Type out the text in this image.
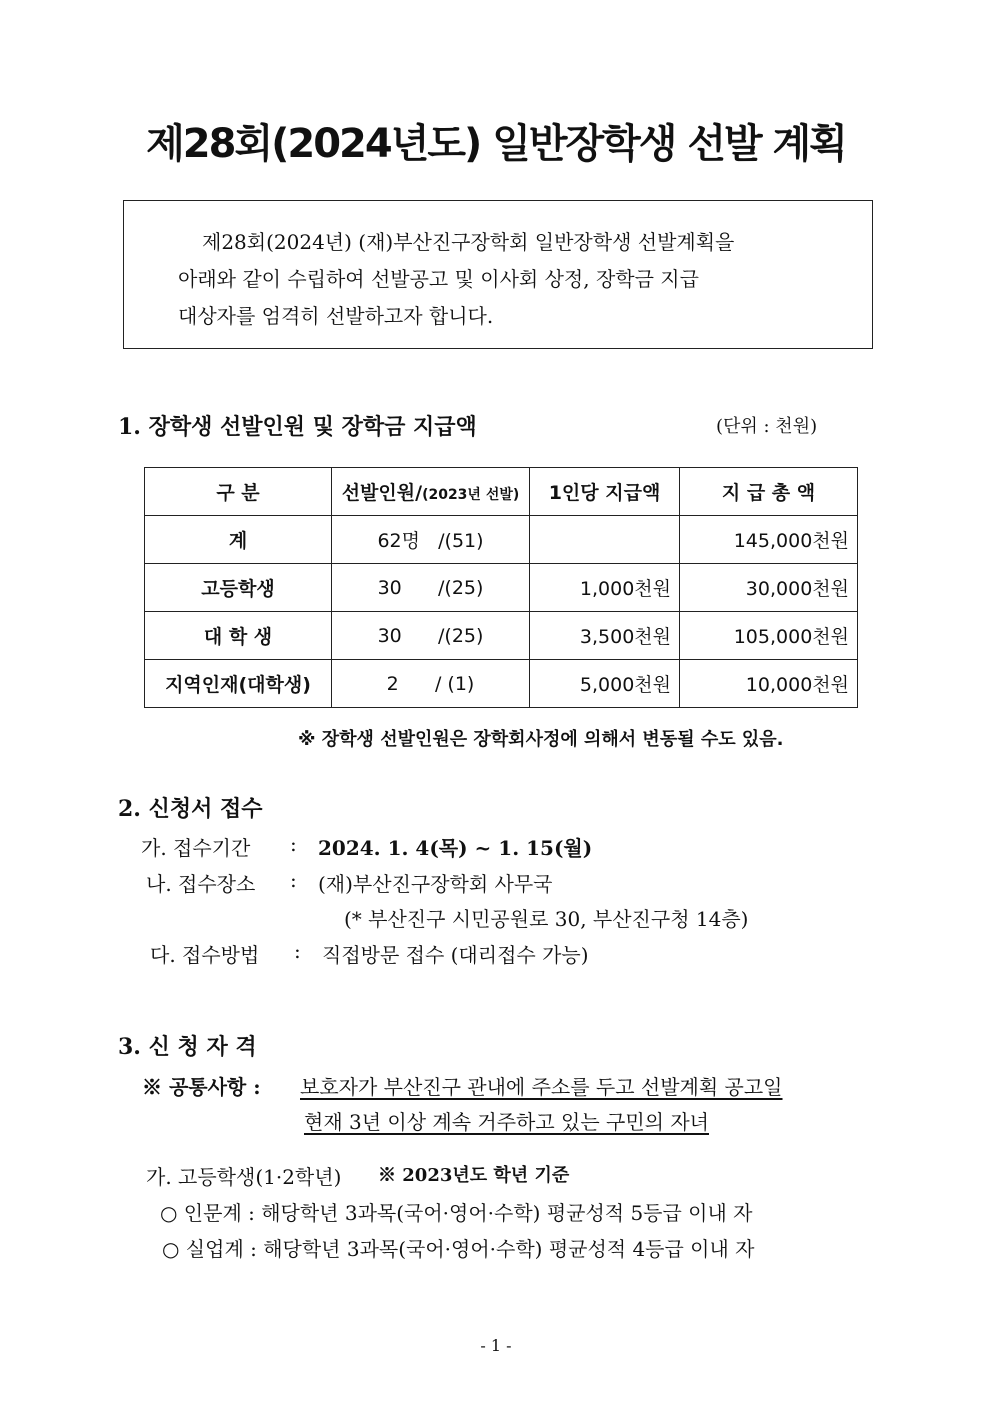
제28회(2024년도) 일반장학생 선발 계획
제28회(2024년) (재)부산진구장학회 일반장학생 선발계획을
아래와 같이 수립하여 선발공고 및 이사회 상정, 장학금 지급
대상자를 엄격히 선발하고자 합니다.
1. 장학생 선발인원 및 장학금 지급액	(단위 : 천원)
구 분	선발인원/(2023년 선발)	1인당 지급액	지 급 총 액
계	62명 /(51)		145,000천원
고등학생	30 /(25)	1,000천원	30,000천원
대 학 생	30 /(25)	3,500천원	105,000천원
지역인재(대학생)	2 / (1)	5,000천원	10,000천원
※ 장학생 선발인원은 장학회사정에 의해서 변동될 수도 있음.
2. 신청서 접수
가. 접수기간 : 2024. 1. 4(목) ~ 1. 15(월)
나. 접수장소 : (재)부산진구장학회 사무국
(* 부산진구 시민공원로 30, 부산진구청 14층)
다. 접수방법 : 직접방문 접수 (대리접수 가능)
3. 신 청 자 격
※ 공통사항 : 보호자가 부산진구 관내에 주소를 두고 선발계획 공고일
현재 3년 이상 계속 거주하고 있는 구민의 자녀
가. 고등학생(1·2학년) ※ 2023년도 학년 기준
○ 인문계 : 해당학년 3과목(국어·영어·수학) 평균성적 5등급 이내 자
○ 실업계 : 해당학년 3과목(국어·영어·수학) 평균성적 4등급 이내 자
- 1 -
